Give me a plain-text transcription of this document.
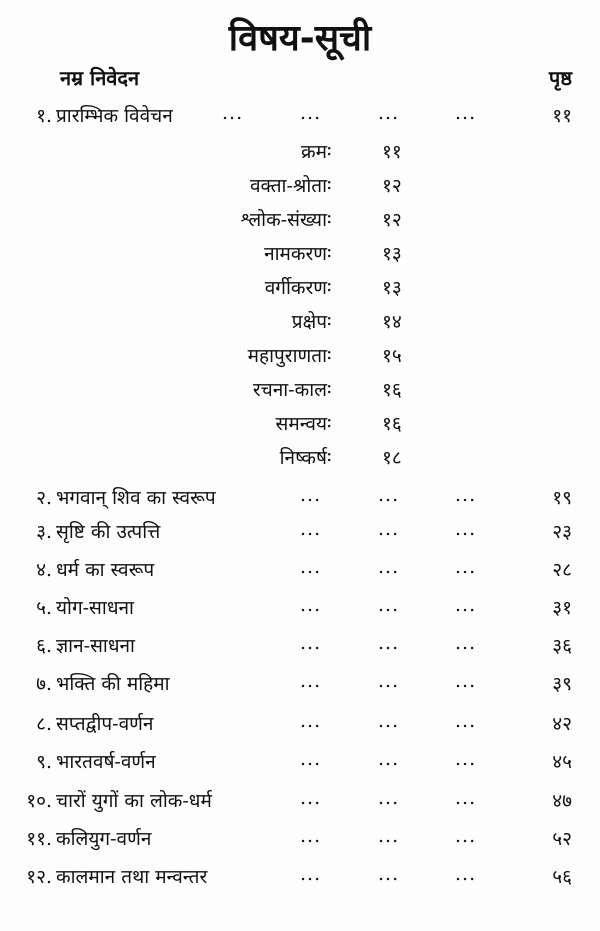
विषय-सूची
नम्र निवेदन	पृष्ठ
१. प्रारम्भिक विवेचन	...	...	...	...	११
क्रम :	११
वक्ता-श्रोता :	१२
श्लोक-संख्या :	१२
नामकरण :	१३
वर्गीकरण :	१३
प्रक्षेप :	१४
महापुराणता :	१५
रचना-काल :	१६
समन्वय :	१६
निष्कर्ष :	१८
२. भगवान् शिव का स्वरूप	...	...	...	१९
३. सृष्टि की उत्पत्ति	...	...	...	२३
४. धर्म का स्वरूप	...	...	...	२८
५. योग-साधना	...	...	...	३१
६. ज्ञान-साधना	...	...	...	३६
७. भक्ति की महिमा	...	...	...	३९
८. सप्तद्वीप-वर्णन	...	...	...	४२
९. भारतवर्ष-वर्णन	...	...	...	४५
१०. चारों युगों का लोक-धर्म	...	...	...	४७
११. कलियुग-वर्णन	...	...	...	५२
१२. कालमान तथा मन्वन्तर	...	...	...	५६
